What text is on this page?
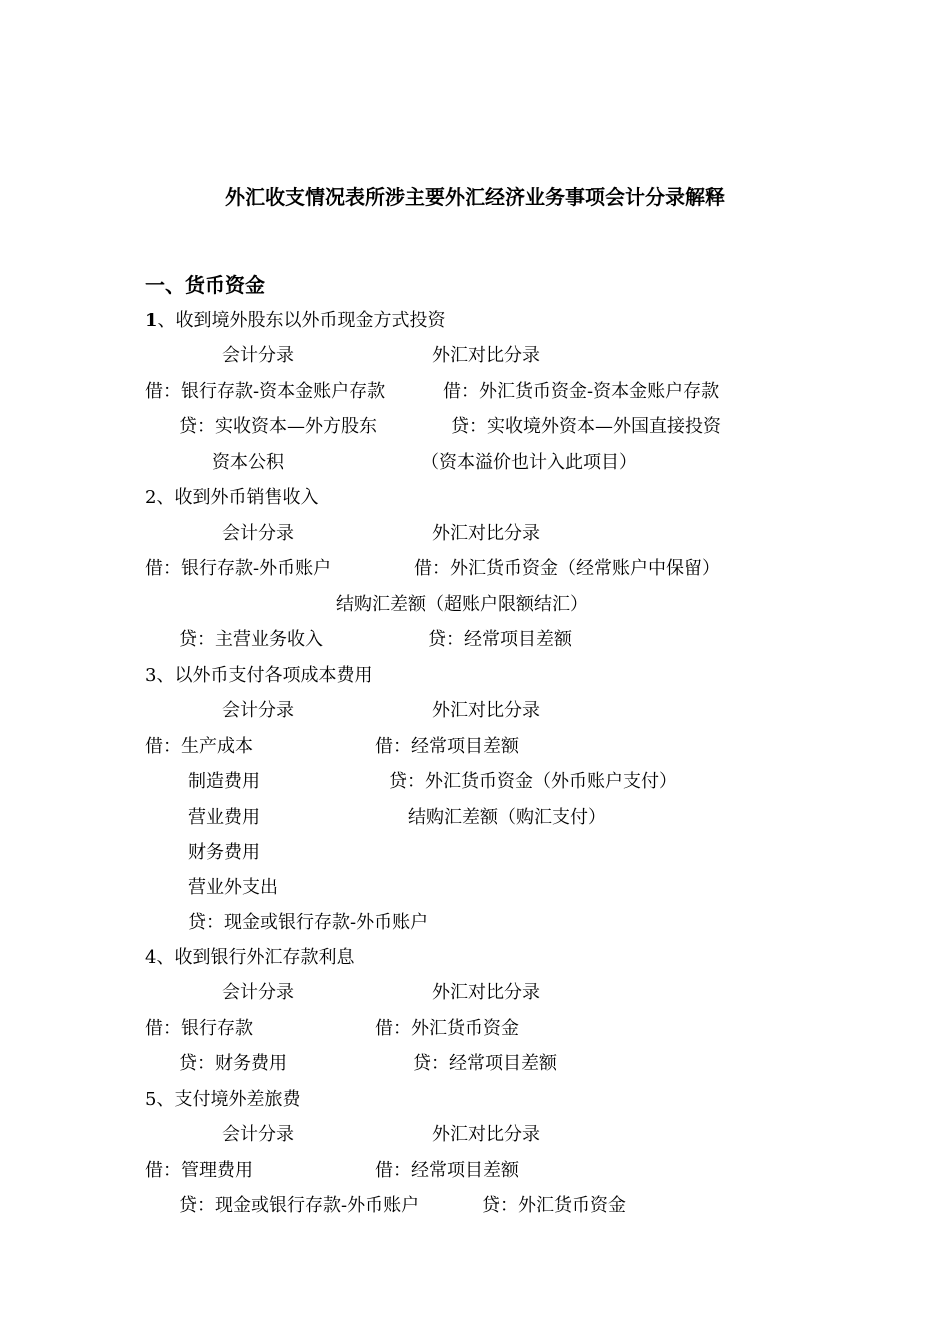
外汇收支情况表所涉主要外汇经济业务事项会计分录解释
一、货币资金
1、收到境外股东以外币现金方式投资
会计分录	外汇对比分录
借：银行存款-资本金账户存款	借：外汇货币资金-资本金账户存款
贷：实收资本—外方股东	贷：实收境外资本—外国直接投资
资本公积	（资本溢价也计入此项目）
2、收到外币销售收入
会计分录	外汇对比分录
借：银行存款-外币账户	借：外汇货币资金（经常账户中保留）
结购汇差额（超账户限额结汇）
贷：主营业务收入	贷：经常项目差额
3、以外币支付各项成本费用
会计分录	外汇对比分录
借：生产成本	借：经常项目差额
制造费用	贷：外汇货币资金（外币账户支付）
营业费用	结购汇差额（购汇支付）
财务费用
营业外支出
贷：现金或银行存款-外币账户
4、收到银行外汇存款利息
会计分录	外汇对比分录
借：银行存款	借：外汇货币资金
贷：财务费用	贷：经常项目差额
5、支付境外差旅费
会计分录	外汇对比分录
借：管理费用	借：经常项目差额
贷：现金或银行存款-外币账户	贷：外汇货币资金
